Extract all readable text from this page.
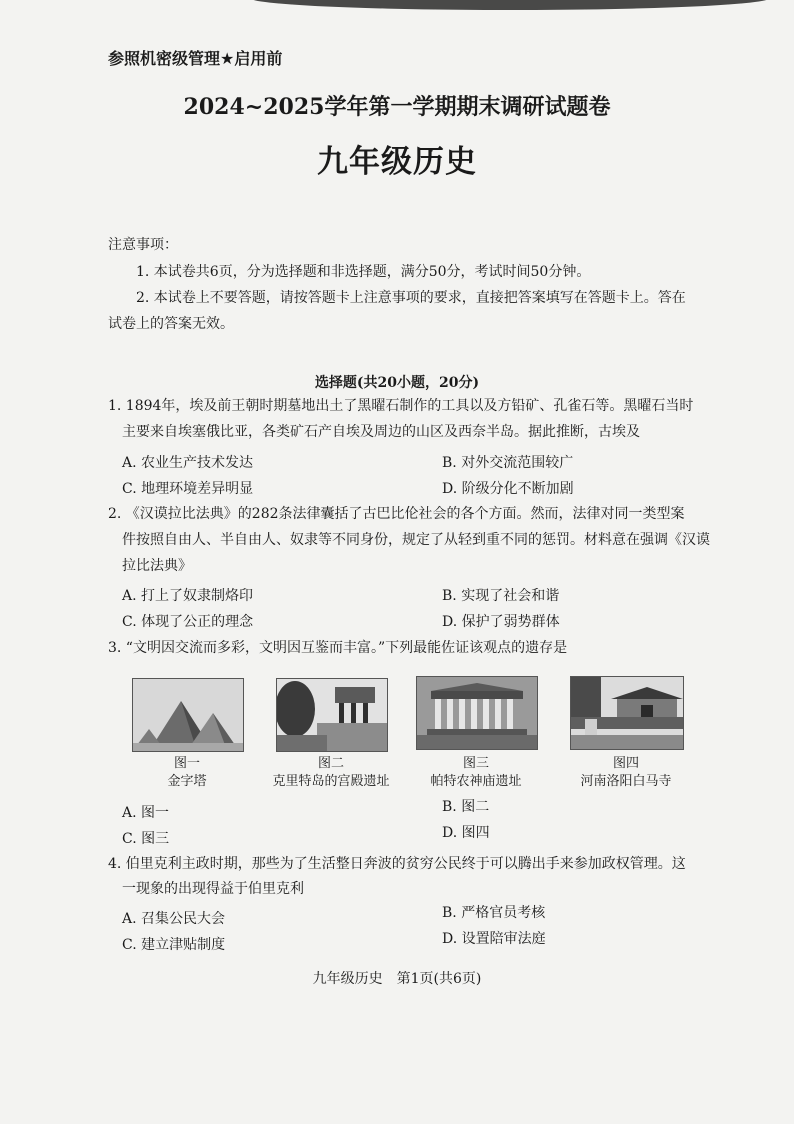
参照机密级管理★启用前
2024~2025学年第一学期期末调研试题卷
九年级历史
注意事项：
1. 本试卷共6页，分为选择题和非选择题，满分50分，考试时间50分钟。
2. 本试卷上不要答题，请按答题卡上注意事项的要求，直接把答案填写在答题卡上。答在
试卷上的答案无效。
选择题(共20小题，20分)
1. 1894年，埃及前王朝时期墓地出土了黑曜石制作的工具以及方铅矿、孔雀石等。黑曜石当时
主要来自埃塞俄比亚，各类矿石产自埃及周边的山区及西奈半岛。据此推断，古埃及
A. 农业生产技术发达	B. 对外交流范围较广
C. 地理环境差异明显	D. 阶级分化不断加剧
2. 《汉谟拉比法典》的282条法律囊括了古巴比伦社会的各个方面。然而，法律对同一类型案
件按照自由人、半自由人、奴隶等不同身份，规定了从轻到重不同的惩罚。材料意在强调《汉谟
拉比法典》
A. 打上了奴隶制烙印	B. 实现了社会和谐
C. 体现了公正的理念	D. 保护了弱势群体
3. “文明因交流而多彩，文明因互鉴而丰富。”下列最能佐证该观点的遗存是
图一
金字塔
图二
克里特岛的宫殿遗址
图三
帕特农神庙遗址
图四
河南洛阳白马寺
A. 图一	B. 图二
C. 图三	D. 图四
4. 伯里克利主政时期，那些为了生活整日奔波的贫穷公民终于可以腾出手来参加政权管理。这
一现象的出现得益于伯里克利
A. 召集公民大会	B. 严格官员考核
C. 建立津贴制度	D. 设置陪审法庭
九年级历史　第1页(共6页)
